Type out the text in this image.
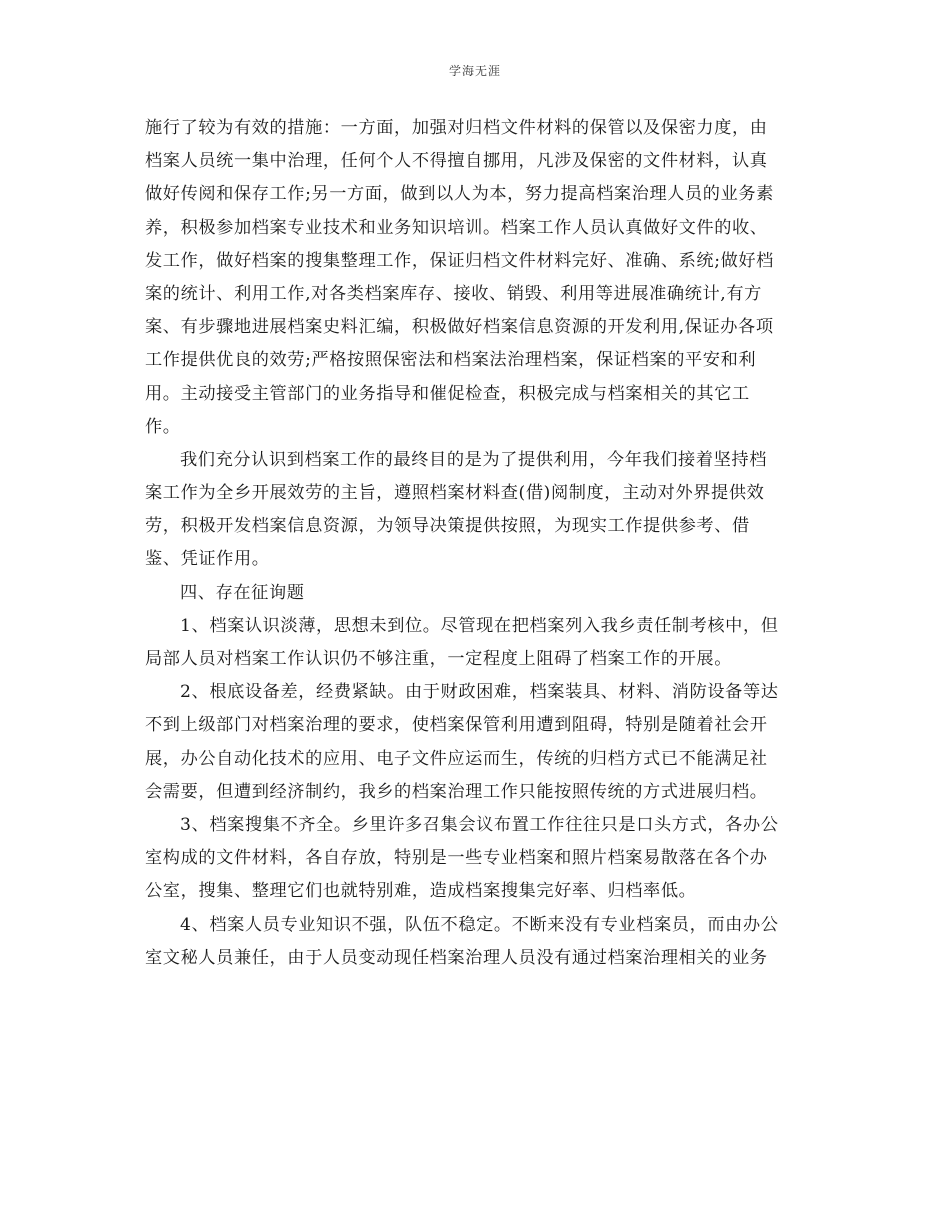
学海无涯
施行了较为有效的措施：一方面，加强对归档文件材料的保管以及保密力度，由
档案人员统一集中治理，任何个人不得擅自挪用，凡涉及保密的文件材料，认真
做好传阅和保存工作;另一方面，做到以人为本，努力提高档案治理人员的业务素
养，积极参加档案专业技术和业务知识培训。档案工作人员认真做好文件的收、
发工作，做好档案的搜集整理工作，保证归档文件材料完好、准确、系统;做好档
案的统计、利用工作,对各类档案库存、接收、销毁、利用等进展准确统计,有方
案、有步骤地进展档案史料汇编，积极做好档案信息资源的开发利用,保证办各项
工作提供优良的效劳;严格按照保密法和档案法治理档案，保证档案的平安和利
用。主动接受主管部门的业务指导和催促检查，积极完成与档案相关的其它工
作。
我们充分认识到档案工作的最终目的是为了提供利用，今年我们接着坚持档
案工作为全乡开展效劳的主旨，遵照档案材料查(借)阅制度，主动对外界提供效
劳，积极开发档案信息资源，为领导决策提供按照，为现实工作提供参考、借
鉴、凭证作用。
四、存在征询题
1、档案认识淡薄，思想未到位。尽管现在把档案列入我乡责任制考核中，但
局部人员对档案工作认识仍不够注重，一定程度上阻碍了档案工作的开展。
2、根底设备差，经费紧缺。由于财政困难，档案装具、材料、消防设备等达
不到上级部门对档案治理的要求，使档案保管利用遭到阻碍，特别是随着社会开
展，办公自动化技术的应用、电子文件应运而生，传统的归档方式已不能满足社
会需要，但遭到经济制约，我乡的档案治理工作只能按照传统的方式进展归档。
3、档案搜集不齐全。乡里许多召集会议布置工作往往只是口头方式，各办公
室构成的文件材料，各自存放，特别是一些专业档案和照片档案易散落在各个办
公室，搜集、整理它们也就特别难，造成档案搜集完好率、归档率低。
4、档案人员专业知识不强，队伍不稳定。不断来没有专业档案员，而由办公
室文秘人员兼任，由于人员变动现任档案治理人员没有通过档案治理相关的业务
